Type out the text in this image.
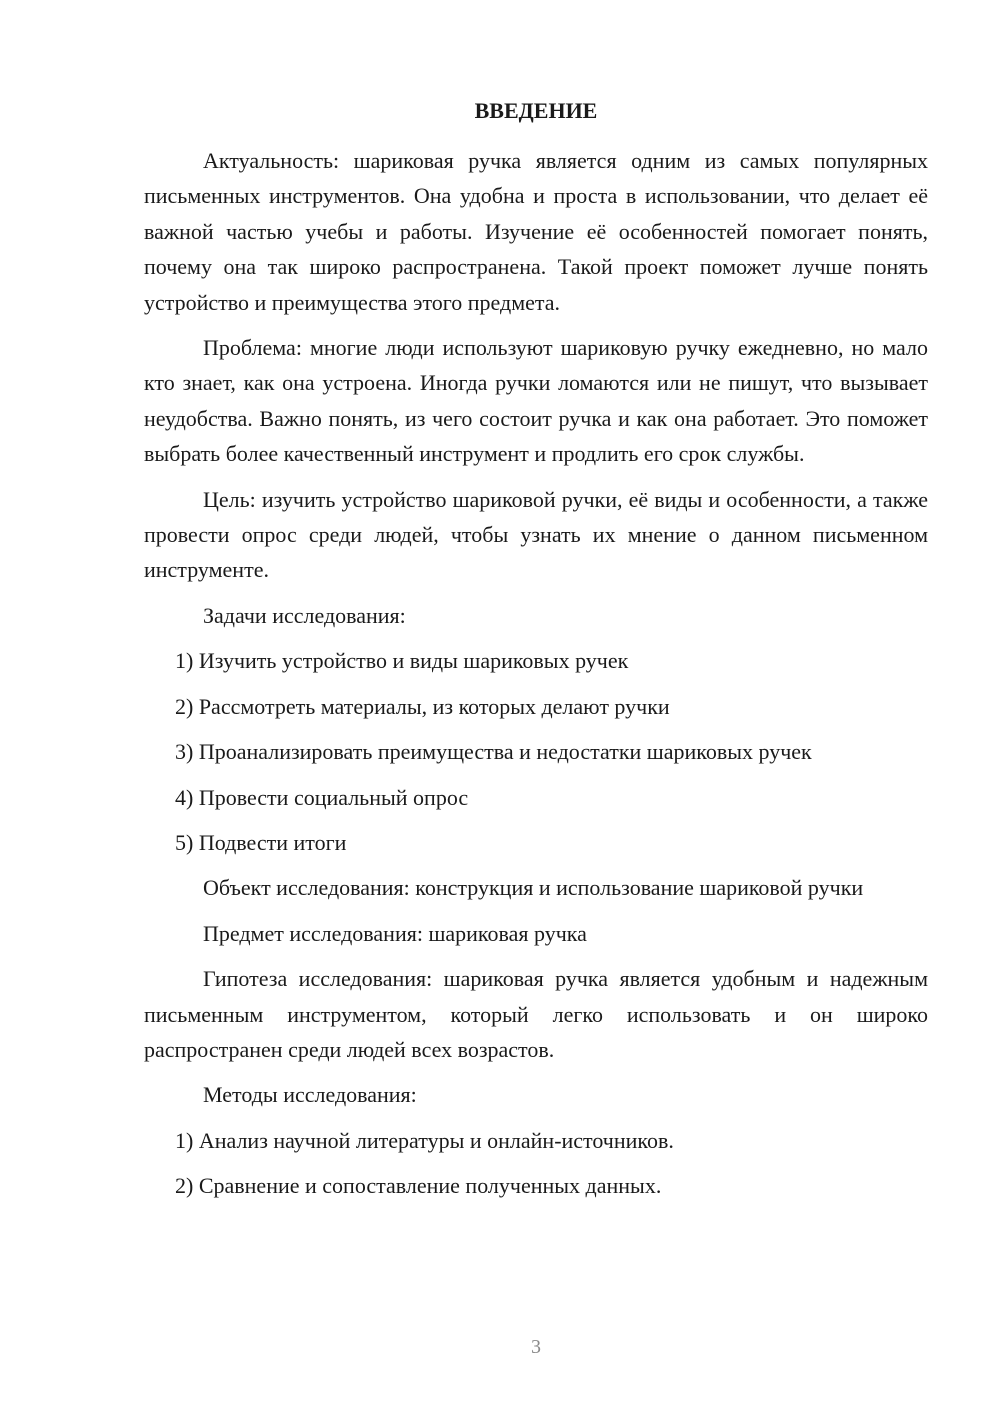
ВВЕДЕНИЕ

Актуальность: шариковая ручка является одним из самых популярных письменных инструментов. Она удобна и проста в использовании, что делает её важной частью учебы и работы. Изучение её особенностей помогает понять, почему она так широко распространена. Такой проект поможет лучше понять устройство и преимущества этого предмета.

Проблема: многие люди используют шариковую ручку ежедневно, но мало кто знает, как она устроена. Иногда ручки ломаются или не пишут, что вызывает неудобства. Важно понять, из чего состоит ручка и как она работает. Это поможет выбрать более качественный инструмент и продлить его срок службы.

Цель: изучить устройство шариковой ручки, её виды и особенности, а также провести опрос среди людей, чтобы узнать их мнение о данном письменном инструменте.

Задачи исследования:

1) Изучить устройство и виды шариковых ручек

2) Рассмотреть материалы, из которых делают ручки

3) Проанализировать преимущества и недостатки шариковых ручек

4) Провести социальный опрос

5) Подвести итоги

Объект исследования: конструкция и использование шариковой ручки

Предмет исследования: шариковая ручка

Гипотеза исследования: шариковая ручка является удобным и надежным письменным инструментом, который легко использовать и он широко распространен среди людей всех возрастов.

Методы исследования:

1) Анализ научной литературы и онлайн-источников.

2) Сравнение и сопоставление полученных данных.

3
